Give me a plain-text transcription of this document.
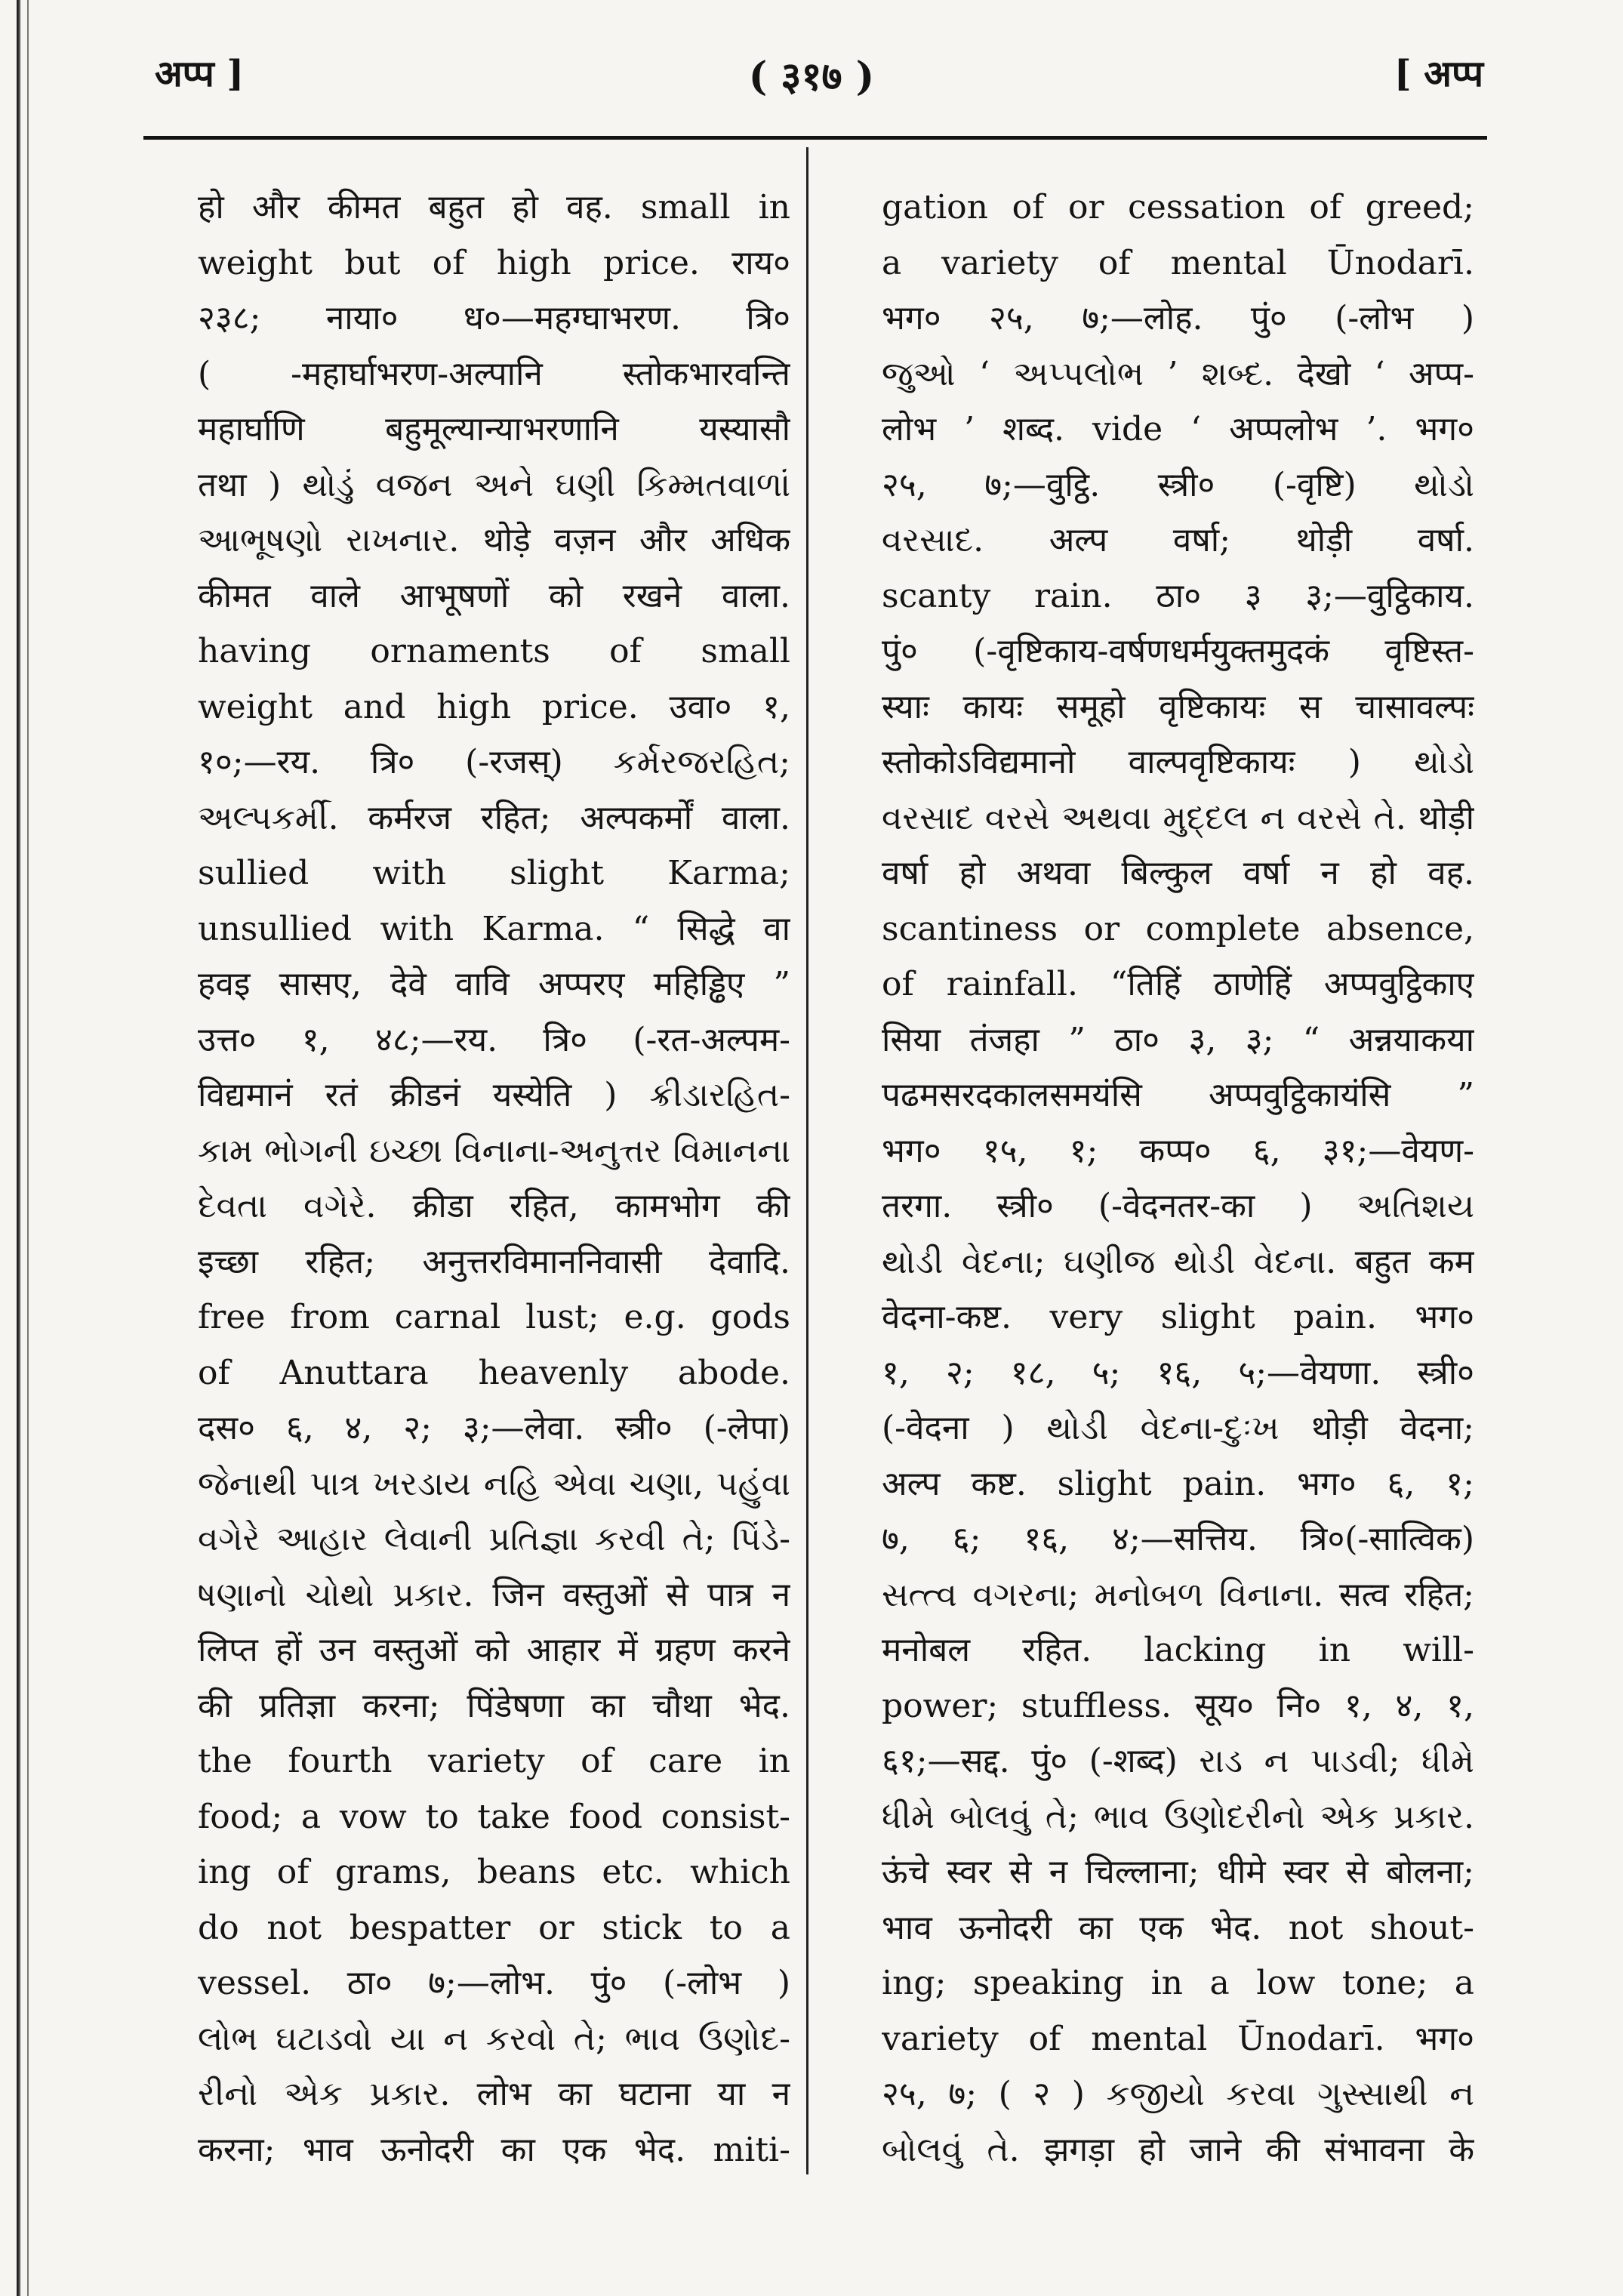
अप्प ]	( ३१७ )	[ अप्प
हो और कीमत बहुत हो वह. small in
weight but of high price. राय०
२३८; नाया० ध०—महग्घाभरण. त्रि०
( -महार्घाभरण-अल्पानि स्तोकभारवन्ति
महार्घाणि बहुमूल्यान्याभरणानि यस्यासौ
तथा ) થોડું વજન અને ઘણી કિમ્મતવાળાં
આભૂષણો રાખનાર. थोड़े वज़न और अधिक
कीमत वाले आभूषणों को रखने वाला.
having ornaments of small
weight and high price. उवा० १,
१०;—रय. त्रि० (-रजस्) કર્મરજરહિત;
અલ્પકર્મી. कर्मरज रहित; अल्पकर्मों वाला.
sullied with slight Karma;
unsullied with Karma. “ सिद्धे वा
हवइ सासए, देवे वावि अप्परए महिड्ढिए ”
उत्त० १, ४८;—रय. त्रि० (-रत-अल्पम-
विद्यमानं रतं क्रीडनं यस्येति ) ક્રીડારહિત-
કામ ભોગની ઇચ્છા વિનાના-અનુત્તર વિમાનના
દેવતા વગેરે. क्रीडा रहित, कामभोग की
इच्छा रहित; अनुत्तरविमाननिवासी देवादि.
free from carnal lust; e.g. gods
of Anuttara heavenly abode.
दस० ६, ४, २; ३;—लेवा. स्त्री० (-लेपा)
જેનાથી પાત્ર ખરડાય નહિ એવા ચણા, પહુંવા
વગેરે આહાર લેવાની પ્રતિજ્ઞા કરવી તે; પિંડે-
ષણાનો ચોથો પ્રકાર. जिन वस्तुओं से पात्र न
लिप्त हों उन वस्तुओं को आहार में ग्रहण करने
की प्रतिज्ञा करना; पिंडेषणा का चौथा भेद.
the fourth variety of care in
food; a vow to take food consist-
ing of grams, beans etc. which
do not bespatter or stick to a
vessel. ठा० ७;—लोभ. पुं० (-लोभ )
લોભ ઘટાડવો યા ન કરવો તે; ભાવ ઉણોદ-
રીનો એક પ્રકાર. लोभ का घटाना या न
करना; भाव ऊनोदरी का एक भेद. miti-
gation of or cessation of greed;
a variety of mental Ūnodarī.
भग० २५, ७;—लोह. पुं० (-लोभ )
જુઓ ‘ અપ્પલોભ ’ શબ્દ. देखो ‘ अप्प-
लोभ ’ शब्द. vide ‘ अप्पलोभ ’. भग०
२५, ७;—वुट्ठि. स्त्री० (-वृष्टि) થોડો
વરસાદ. अल्प वर्षा; थोड़ी वर्षा.
scanty rain. ठा० ३ ३;—वुट्ठिकाय.
पुं० (-वृष्टिकाय-वर्षणधर्मयुक्तमुदकं वृष्टिस्त-
स्याः कायः समूहो वृष्टिकायः स चासावल्पः
स्तोकोऽविद्यमानो वाल्पवृष्टिकायः ) થોડો
વરસાદ વરસે અથવા મુદ્દલ ન વરસે તે. थोड़ी
वर्षा हो अथवा बिल्कुल वर्षा न हो वह.
scantiness or complete absence,
of rainfall. “तिहिं ठाणेहिं अप्पवुट्ठिकाए
सिया तंजहा ” ठा० ३, ३; “ अन्नयाकया
पढमसरदकालसमयंसि अप्पवुट्ठिकायंसि ”
भग० १५, १; कप्प० ६, ३१;—वेयण-
तरगा. स्त्री० (-वेदनतर-का ) અતિશય
થોડી વેદના; ઘણીજ થોડી વેદના. बहुत कम
वेदना-कष्ट. very slight pain. भग०
१, २; १८, ५; १६, ५;—वेयणा. स्त्री०
(-वेदना ) થોડી વેદના-દુઃખ थोड़ी वेदना;
अल्प कष्ट. slight pain. भग० ६, १;
७, ६; १६, ४;—सत्तिय. त्रि०(-सात्विक)
સત્ત્વ વગરના; મનોબળ વિનાના. सत्व रहित;
मनोबल रहित. lacking in will-
power; stuffless. सूय० नि० १, ४, १,
६१;—सद्द. पुं० (-शब्द) રાડ ન પાડવી; ધીમે
ધીમે બોલવું તે; ભાવ ઉણોદરીનો એક પ્રકાર.
ऊंचे स्वर से न चिल्लाना; धीमे स्वर से बोलना;
भाव ऊनोदरी का एक भेद. not shout-
ing; speaking in a low tone; a
variety of mental Ūnodarī. भग०
२५, ७; ( २ ) કજીયો કરવા ગુસ્સાથી ન
બોલવું તે. झगड़ा हो जाने की संभावना के
